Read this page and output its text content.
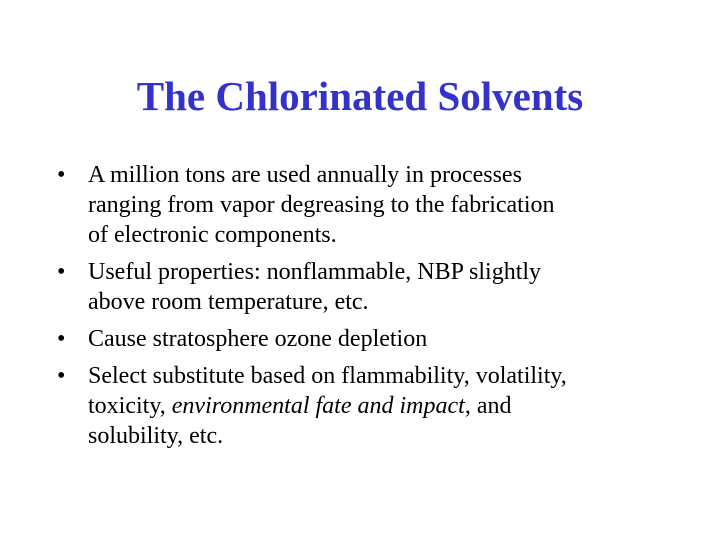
The Chlorinated Solvents
• A million tons are used annually in processes
ranging from vapor degreasing to the fabrication
of electronic components.
• Useful properties: nonflammable, NBP slightly
above room temperature, etc.
• Cause stratosphere ozone depletion
• Select substitute based on flammability, volatility,
toxicity, environmental fate and impact, and
solubility, etc.
